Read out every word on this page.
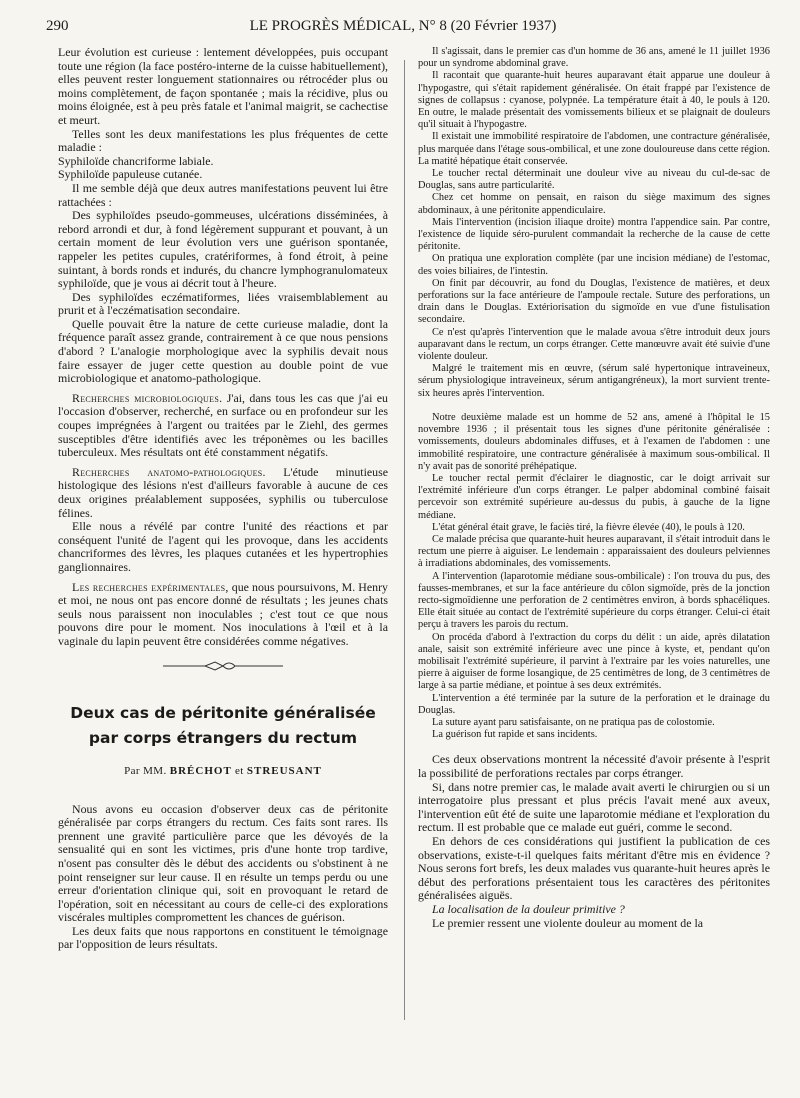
290	LE PROGRÈS MÉDICAL, N° 8 (20 Février 1937)

Leur évolution est curieuse : lentement développées, puis occupant toute une région (la face postéro-interne de la cuisse habituellement), elles peuvent rester longuement stationnaires ou rétrocéder plus ou moins complètement, de façon spontanée ; mais la récidive, plus ou moins éloignée, est à peu près fatale et l'animal maigrit, se cachectise et meurt.

Telles sont les deux manifestations les plus fréquentes de cette maladie :

Syphiloïde chancriforme labiale.

Syphiloïde papuleuse cutanée.

Il me semble déjà que deux autres manifestations peuvent lui être rattachées :

Des syphiloïdes pseudo-gommeuses, ulcérations disséminées, à rebord arrondi et dur, à fond légèrement suppurant et pouvant, à un certain moment de leur évolution vers une guérison spontanée, rappeler les petites cupules, cratériformes, à fond étroit, à peine suintant, à bords ronds et indurés, du chancre lymphogranulomateux syphiloïde, que je vous ai décrit tout à l'heure.

Des syphiloïdes eczématiformes, liées vraisemblablement au prurit et à l'eczématisation secondaire.

Quelle pouvait être la nature de cette curieuse maladie, dont la fréquence paraît assez grande, contrairement à ce que nous pensions d'abord ? L'analogie morphologique avec la syphilis devait nous faire essayer de juger cette question au double point de vue microbiologique et anatomo-pathologique.

Recherches microbiologiques. J'ai, dans tous les cas que j'ai eu l'occasion d'observer, recherché, en surface ou en profondeur sur les coupes imprégnées à l'argent ou traitées par le Ziehl, des germes susceptibles d'être identifiés avec les tréponèmes ou les bacilles tuberculeux. Mes résultats ont été constamment négatifs.

Recherches anatomo-pathologiques. L'étude minutieuse histologique des lésions n'est d'ailleurs favorable à aucune de ces deux origines préalablement supposées, syphilis ou tuberculose félines.

Elle nous a révélé par contre l'unité des réactions et par conséquent l'unité de l'agent qui les provoque, dans les accidents chancriformes des lèvres, les plaques cutanées et les hypertrophies ganglionnaires.

Les recherches expérimentales, que nous poursuivons, M. Henry et moi, ne nous ont pas encore donné de résultats ; les jeunes chats seuls nous paraissent non inoculables ; c'est tout ce que nous pouvons dire pour le moment. Nos inoculations à l'œil et à la vaginale du lapin peuvent être considérées comme négatives.

Deux cas de péritonite généralisée
par corps étrangers du rectum
Par MM. BRÉCHOT et STREUSANT

Nous avons eu occasion d'observer deux cas de péritonite généralisée par corps étrangers du rectum. Ces faits sont rares. Ils prennent une gravité particulière parce que les dévoyés de la sensualité qui en sont les victimes, pris d'une honte trop tardive, n'osent pas consulter dès le début des accidents ou s'obstinent à ne point renseigner sur leur cause. Il en résulte un temps perdu ou une erreur d'orientation clinique qui, soit en provoquant le retard de l'opération, soit en nécessitant au cours de celle-ci des explorations viscérales multiples compromettent les chances de guérison.

Les deux faits que nous rapportons en constituent le témoignage par l'opposition de leurs résultats.

Il s'agissait, dans le premier cas d'un homme de 36 ans, amené le 11 juillet 1936 pour un syndrome abdominal grave.

Il racontait que quarante-huit heures auparavant était apparue une douleur à l'hypogastre, qui s'était rapidement généralisée. On était frappé par l'existence de signes de collapsus : cyanose, polypnée. La température était à 40, le pouls à 120. En outre, le malade présentait des vomissements bilieux et se plaignait de douleurs qu'il situait à l'hypogastre.

Il existait une immobilité respiratoire de l'abdomen, une contracture généralisée, plus marquée dans l'étage sous-ombilical, et une zone douloureuse dans cette région. La matité hépatique était conservée.

Le toucher rectal déterminait une douleur vive au niveau du cul-de-sac de Douglas, sans autre particularité.

Chez cet homme on pensait, en raison du siège maximum des signes abdominaux, à une péritonite appendiculaire.

Mais l'intervention (incision iliaque droite) montra l'appendice sain. Par contre, l'existence de liquide séro-purulent commandait la recherche de la cause de cette péritonite.

On pratiqua une exploration complète (par une incision médiane) de l'estomac, des voies biliaires, de l'intestin.

On finit par découvrir, au fond du Douglas, l'existence de matières, et deux perforations sur la face antérieure de l'ampoule rectale. Suture des perforations, un drain dans le Douglas. Extériorisation du sigmoïde en vue d'une fistulisation secondaire.

Ce n'est qu'après l'intervention que le malade avoua s'être introduit deux jours auparavant dans le rectum, un corps étranger. Cette manœuvre avait été suivie d'une violente douleur.

Malgré le traitement mis en œuvre, (sérum salé hypertonique intraveineux, sérum physiologique intraveineux, sérum antigangréneux), la mort survient trente-six heures après l'intervention.

Notre deuxième malade est un homme de 52 ans, amené à l'hôpital le 15 novembre 1936 ; il présentait tous les signes d'une péritonite généralisée : vomissements, douleurs abdominales diffuses, et à l'examen de l'abdomen : une immobilité respiratoire, une contracture généralisée à maximum sous-ombilical. Il n'y avait pas de sonorité préhépatique.

Le toucher rectal permit d'éclairer le diagnostic, car le doigt arrivait sur l'extrémité inférieure d'un corps étranger. Le palper abdominal combiné faisait percevoir son extrémité supérieure au-dessus du pubis, à gauche de la ligne médiane.

L'état général était grave, le faciès tiré, la fièvre élevée (40), le pouls à 120.

Ce malade précisa que quarante-huit heures auparavant, il s'était introduit dans le rectum une pierre à aiguiser. Le lendemain : apparaissaient des douleurs pelviennes à irradiations abdominales, des vomissements.

A l'intervention (laparotomie médiane sous-ombilicale) : l'on trouva du pus, des fausses-membranes, et sur la face antérieure du côlon sigmoïde, près de la jonction recto-sigmoïdienne une perforation de 2 centimètres environ, à bords sphacéliques. Elle était située au contact de l'extrémité supérieure du corps étranger. Celui-ci était perçu à travers les parois du rectum.

On procéda d'abord à l'extraction du corps du délit : un aide, après dilatation anale, saisit son extrémité inférieure avec une pince à kyste, et, pendant qu'on mobilisait l'extrémité supérieure, il parvint à l'extraire par les voies naturelles, une pierre à aiguiser de forme losangique, de 25 centimètres de long, de 3 centimètres de large à sa partie médiane, et pointue à ses deux extrémités.

L'intervention a été terminée par la suture de la perforation et le drainage du Douglas.

La suture ayant paru satisfaisante, on ne pratiqua pas de colostomie.

La guérison fut rapide et sans incidents.

Ces deux observations montrent la nécessité d'avoir présente à l'esprit la possibilité de perforations rectales par corps étranger.

Si, dans notre premier cas, le malade avait averti le chirurgien ou si un interrogatoire plus pressant et plus précis l'avait mené aux aveux, l'intervention eût été de suite une laparotomie médiane et l'exploration du rectum. Il est probable que ce malade eut guéri, comme le second.

En dehors de ces considérations qui justifient la publication de ces observations, existe-t-il quelques faits méritant d'être mis en évidence ? Nous serons fort brefs, les deux malades vus quarante-huit heures après le début des perforations présentaient tous les caractères des péritonites généralisées aiguës.

La localisation de la douleur primitive ?

Le premier ressent une violente douleur au moment de la
